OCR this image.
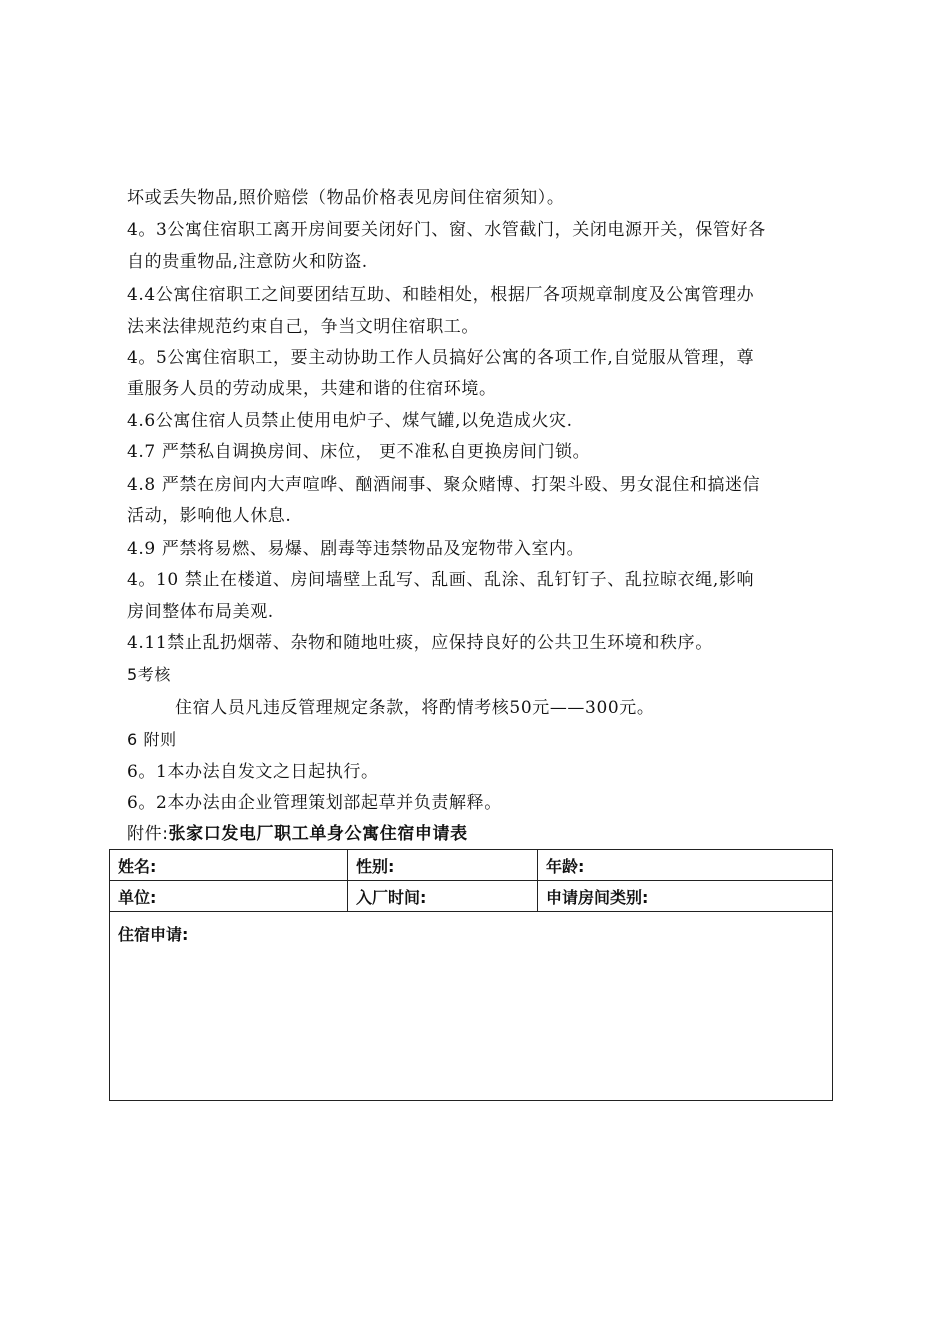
坏或丢失物品,照价赔偿（物品价格表见房间住宿须知）。
4。3公寓住宿职工离开房间要关闭好门、窗、水管截门，关闭电源开关，保管好各
自的贵重物品,注意防火和防盗.
4.4公寓住宿职工之间要团结互助、和睦相处，根据厂各项规章制度及公寓管理办
法来法律规范约束自己，争当文明住宿职工。
4。5公寓住宿职工，要主动协助工作人员搞好公寓的各项工作,自觉服从管理，尊
重服务人员的劳动成果，共建和谐的住宿环境。
4.6公寓住宿人员禁止使用电炉子、煤气罐,以免造成火灾.
4.7 严禁私自调换房间、床位， 更不准私自更换房间门锁。
4.8 严禁在房间内大声喧哗、酗酒闹事、聚众赌博、打架斗殴、男女混住和搞迷信
活动，影响他人休息.
4.9 严禁将易燃、易爆、剧毒等违禁物品及宠物带入室内。
4。10 禁止在楼道、房间墙壁上乱写、乱画、乱涂、乱钉钉子、乱拉晾衣绳,影响
房间整体布局美观.
4.11禁止乱扔烟蒂、杂物和随地吐痰，应保持良好的公共卫生环境和秩序。
5考核
住宿人员凡违反管理规定条款，将酌情考核50元——300元。
6 附则
6。1本办法自发文之日起执行。
6。2本办法由企业管理策划部起草并负责解释。
附件:张家口发电厂职工单身公寓住宿申请表
姓名:	性别:	年龄:
单位:	入厂时间:	申请房间类别:
住宿申请:		
